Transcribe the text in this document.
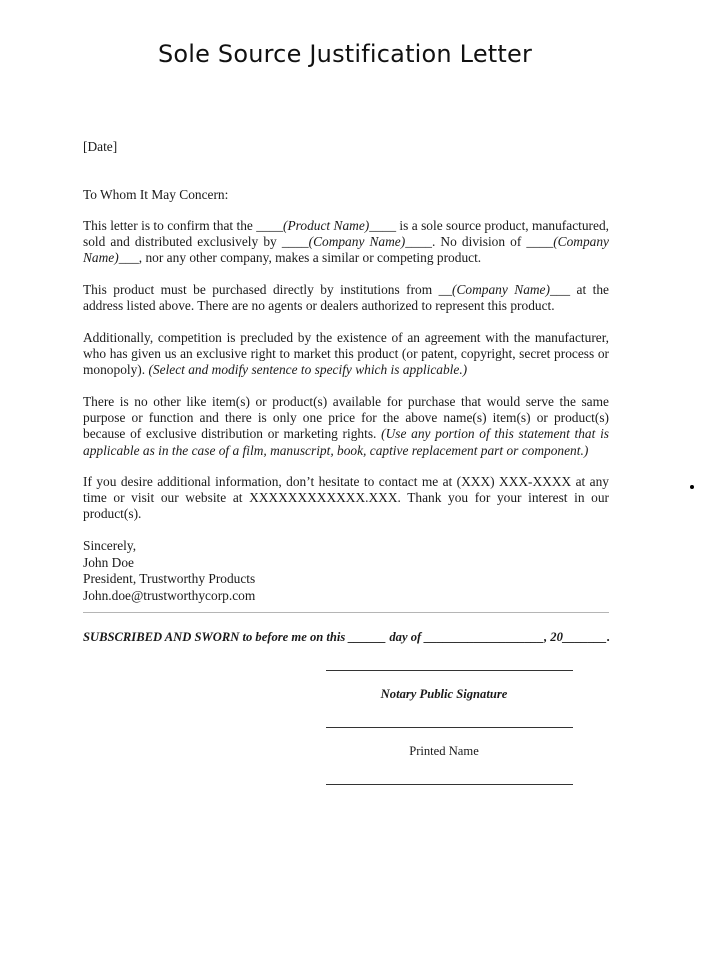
Sole Source Justification Letter
[Date]
To Whom It May Concern:
This letter is to confirm that the ____(Product Name)____ is a sole source product, manufactured, sold and distributed exclusively by ____(Company Name)____. No division of ____(Company Name)___, nor any other company, makes a similar or competing product.
This product must be purchased directly by institutions from __(Company Name)___ at the address listed above. There are no agents or dealers authorized to represent this product.
Additionally, competition is precluded by the existence of an agreement with the manufacturer, who has given us an exclusive right to market this product (or patent, copyright, secret process or monopoly). (Select and modify sentence to specify which is applicable.)
There is no other like item(s) or product(s) available for purchase that would serve the same purpose or function and there is only one price for the above name(s) item(s) or product(s) because of exclusive distribution or marketing rights. (Use any portion of this statement that is applicable as in the case of a film, manuscript, book, captive replacement part or component.)
If you desire additional information, don’t hesitate to contact me at (XXX) XXX-XXXX at any time or visit our website at XXXXXXXXXXXX.XXX. Thank you for your interest in our product(s).
Sincerely,
John Doe
President, Trustworthy Products
John.doe@trustworthycorp.com
SUBSCRIBED AND SWORN to before me on this ______ day of ___________________, 20_______.
Notary Public Signature
Printed Name
